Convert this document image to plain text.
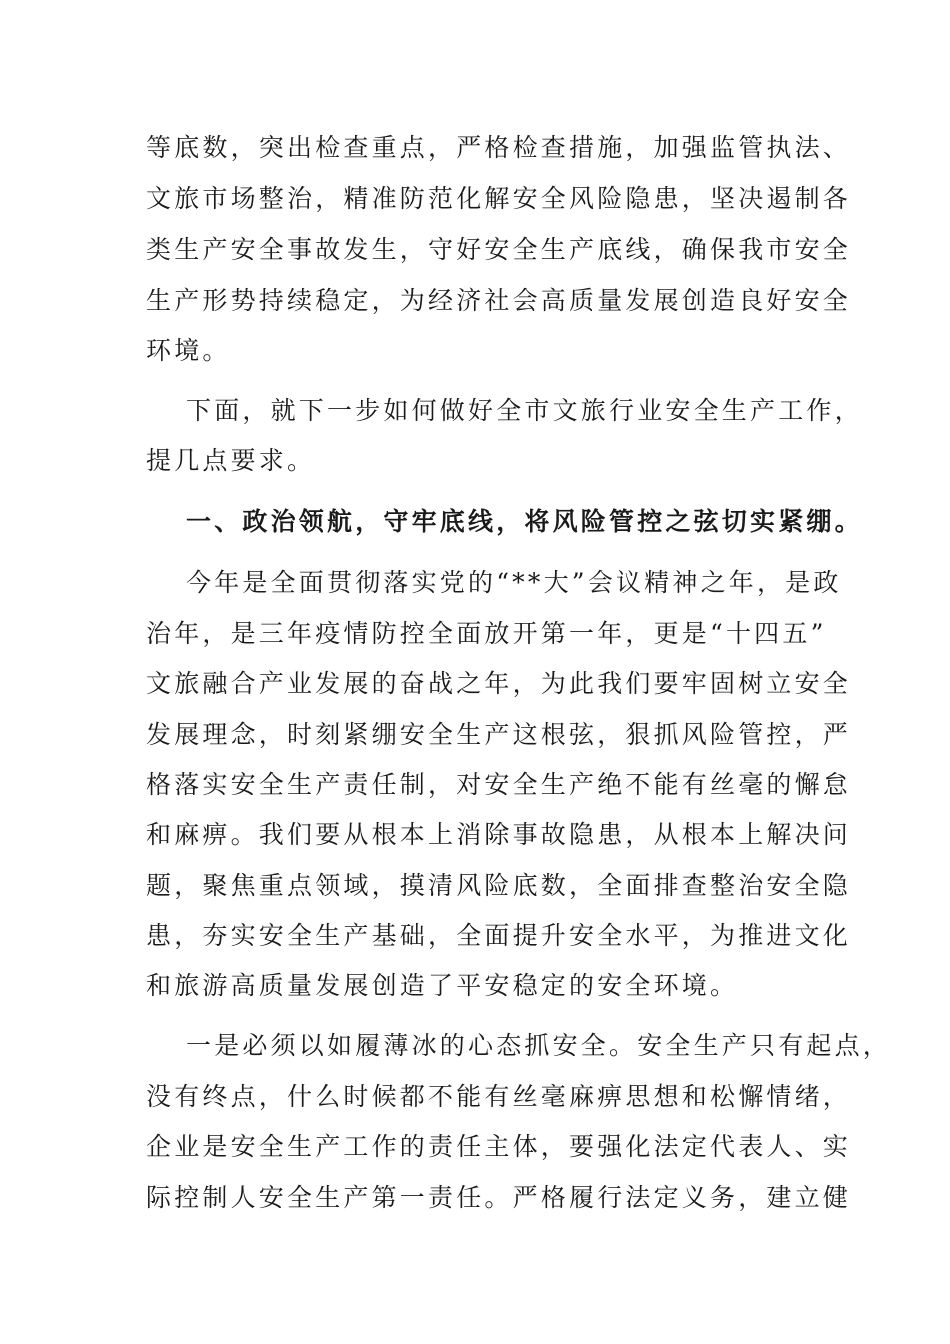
等底数，突出检查重点，严格检查措施，加强监管执法、
文旅市场整治，精准防范化解安全风险隐患，坚决遏制各
类生产安全事故发生，守好安全生产底线，确保我市安全
生产形势持续稳定，为经济社会高质量发展创造良好安全
环境。
下面，就下一步如何做好全市文旅行业安全生产工作，
提几点要求。
一、政治领航，守牢底线，将风险管控之弦切实紧绷。
今年是全面贯彻落实党的“**大”会议精神之年，是政
治年，是三年疫情防控全面放开第一年，更是“十四五”
文旅融合产业发展的奋战之年，为此我们要牢固树立安全
发展理念，时刻紧绷安全生产这根弦，狠抓风险管控，严
格落实安全生产责任制，对安全生产绝不能有丝毫的懈怠
和麻痹。我们要从根本上消除事故隐患，从根本上解决问
题，聚焦重点领域，摸清风险底数，全面排查整治安全隐
患，夯实安全生产基础，全面提升安全水平，为推进文化
和旅游高质量发展创造了平安稳定的安全环境。
一是必须以如履薄冰的心态抓安全。安全生产只有起点，
没有终点，什么时候都不能有丝毫麻痹思想和松懈情绪，
企业是安全生产工作的责任主体，要强化法定代表人、实
际控制人安全生产第一责任。严格履行法定义务，建立健
